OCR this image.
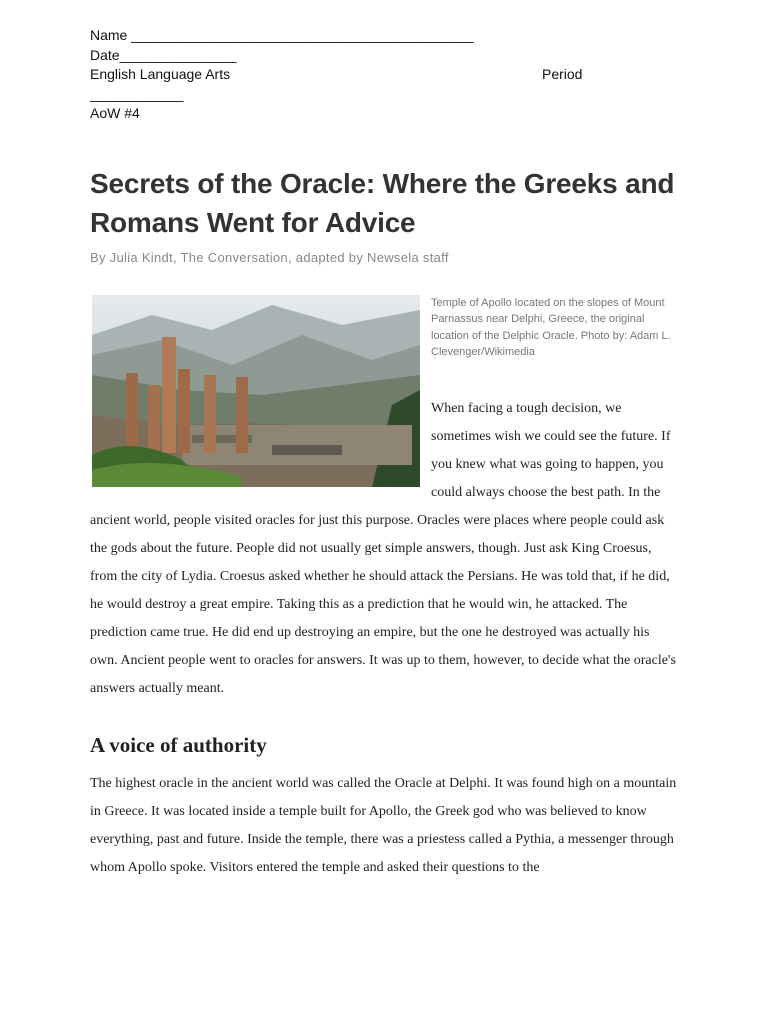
Name ____________________________________________
Date_______________
English Language Arts	Period
____________
AoW #4
Secrets of the Oracle: Where the Greeks and Romans Went for Advice
By Julia Kindt, The Conversation, adapted by Newsela staff
Temple of Apollo located on the slopes of Mount Parnassus near Delphi, Greece, the original location of the Delphic Oracle. Photo by: Adam L. Clevenger/Wikimedia
When facing a tough decision, we sometimes wish we could see the future. If you knew what was going to happen, you could always choose the best path. In the ancient world, people visited oracles for just this purpose. Oracles were places where people could ask the gods about the future. People did not usually get simple answers, though. Just ask King Croesus, from the city of Lydia. Croesus asked whether he should attack the Persians. He was told that, if he did, he would destroy a great empire. Taking this as a prediction that he would win, he attacked. The prediction came true. He did end up destroying an empire, but the one he destroyed was actually his own. Ancient people went to oracles for answers. It was up to them, however, to decide what the oracle's answers actually meant.
A voice of authority
The highest oracle in the ancient world was called the Oracle at Delphi. It was found high on a mountain in Greece. It was located inside a temple built for Apollo, the Greek god who was believed to know everything, past and future. Inside the temple, there was a priestess called a Pythia, a messenger through whom Apollo spoke. Visitors entered the temple and asked their questions to the
